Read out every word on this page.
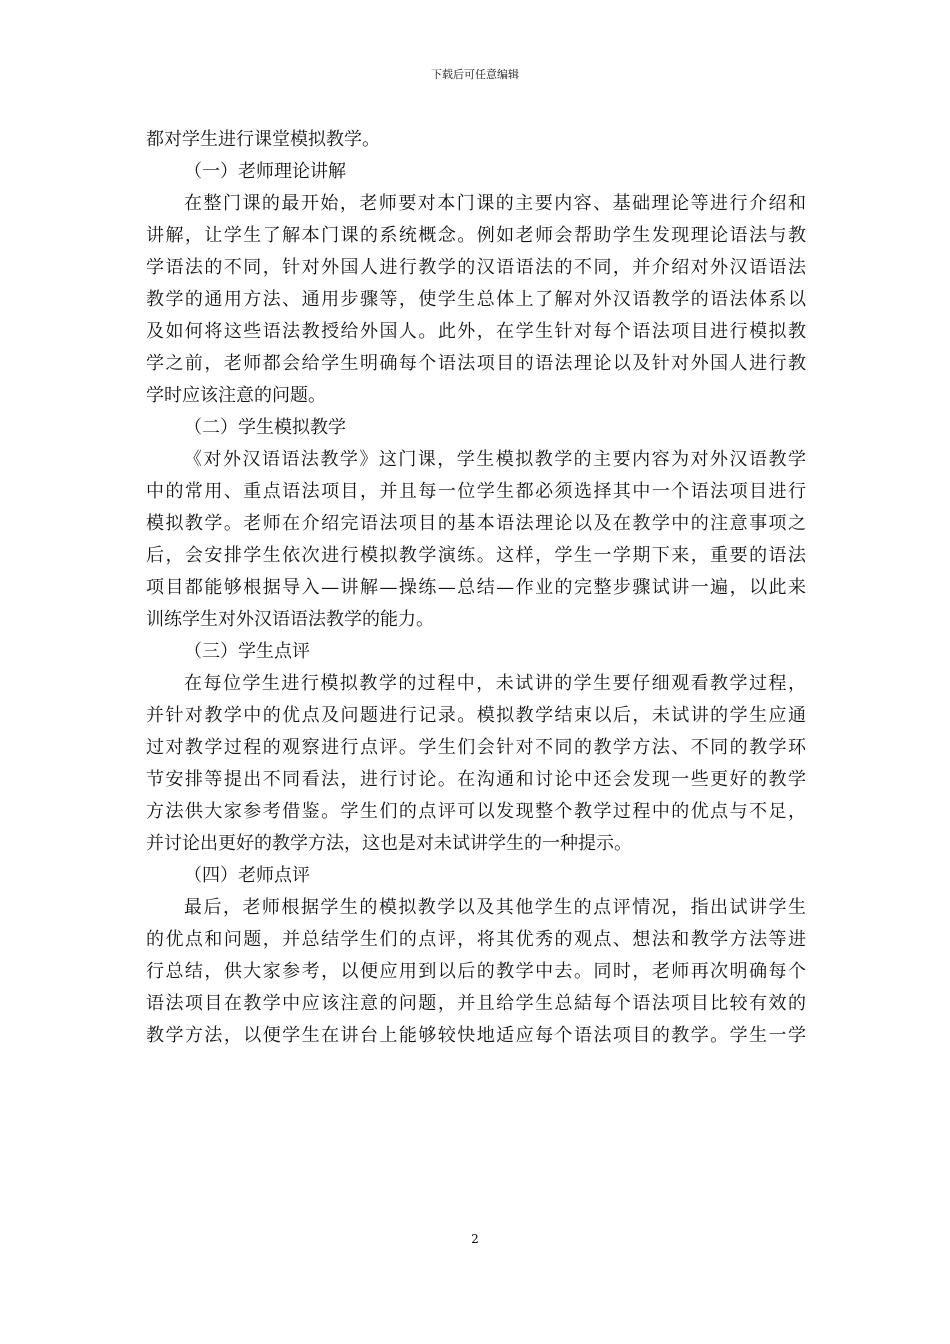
下载后可任意编辑
都对学生进行课堂模拟教学。
（一）老师理论讲解
在整门课的最开始，老师要对本门课的主要内容、基础理论等进行介绍和
讲解，让学生了解本门课的系统概念。例如老师会帮助学生发现理论语法与教
学语法的不同，针对外国人进行教学的汉语语法的不同，并介绍对外汉语语法
教学的通用方法、通用步骤等，使学生总体上了解对外汉语教学的语法体系以
及如何将这些语法教授给外国人。此外，在学生针对每个语法项目进行模拟教
学之前，老师都会给学生明确每个语法项目的语法理论以及针对外国人进行教
学时应该注意的问题。
（二）学生模拟教学
《对外汉语语法教学》这门课，学生模拟教学的主要内容为对外汉语教学
中的常用、重点语法项目，并且每一位学生都必须选择其中一个语法项目进行
模拟教学。老师在介绍完语法项目的基本语法理论以及在教学中的注意事项之
后，会安排学生依次进行模拟教学演练。这样，学生一学期下来，重要的语法
项目都能够根据导入—讲解—操练—总结—作业的完整步骤试讲一遍，以此来
训练学生对外汉语语法教学的能力。
（三）学生点评
在每位学生进行模拟教学的过程中，未试讲的学生要仔细观看教学过程，
并针对教学中的优点及问题进行记录。模拟教学结束以后，未试讲的学生应通
过对教学过程的观察进行点评。学生们会针对不同的教学方法、不同的教学环
节安排等提出不同看法，进行讨论。在沟通和讨论中还会发现一些更好的教学
方法供大家参考借鉴。学生们的点评可以发现整个教学过程中的优点与不足，
并讨论出更好的教学方法，这也是对未试讲学生的一种提示。
（四）老师点评
最后，老师根据学生的模拟教学以及其他学生的点评情况，指出试讲学生
的优点和问题，并总结学生们的点评，将其优秀的观点、想法和教学方法等进
行总结，供大家参考，以便应用到以后的教学中去。同时，老师再次明确每个
语法项目在教学中应该注意的问题，并且给学生总結每个语法项目比较有效的
教学方法，以便学生在讲台上能够较快地适应每个语法项目的教学。学生一学
2
